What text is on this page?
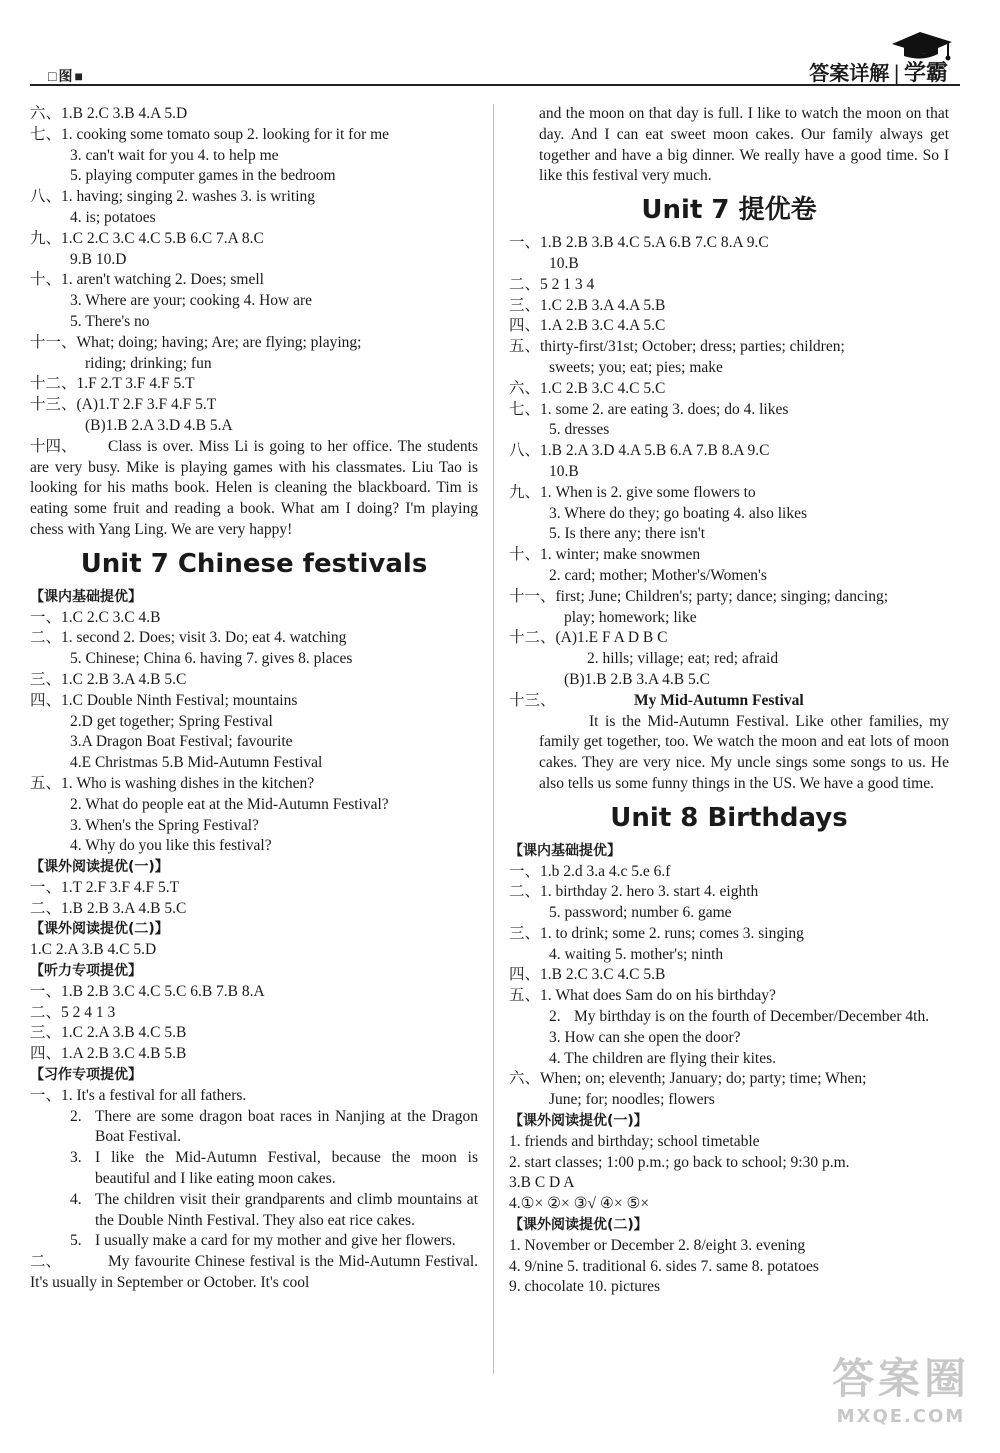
□图■	答案详解 | 学霸
六、1.B 2.C 3.B 4.A 5.D
七、1. cooking some tomato soup 2. looking for it for me
3. can't wait for you 4. to help me
5. playing computer games in the bedroom
八、1. having; singing 2. washes 3. is writing
4. is; potatoes
九、1.C 2.C 3.C 4.C 5.B 6.C 7.A 8.C
9.B 10.D
十、1. aren't watching 2. Does; smell
3. Where are your; cooking 4. How are
5. There's no
十一、What; doing; having; Are; are flying; playing;
riding; drinking; fun
十二、1.F 2.T 3.F 4.F 5.T
十三、(A)1.T 2.F 3.F 4.F 5.T
(B)1.B 2.A 3.D 4.B 5.A
十四、 Class is over. Miss Li is going to her office. The students are very busy. Mike is playing games with his classmates. Liu Tao is looking for his maths book. Helen is cleaning the blackboard. Tim is eating some fruit and reading a book. What am I doing? I'm playing chess with Yang Ling. We are very happy!
Unit 7 Chinese festivals
【课内基础提优】
一、1.C 2.C 3.C 4.B
二、1. second 2. Does; visit 3. Do; eat 4. watching
5. Chinese; China 6. having 7. gives 8. places
三、1.C 2.B 3.A 4.B 5.C
四、1.C Double Ninth Festival; mountains
2.D get together; Spring Festival
3.A Dragon Boat Festival; favourite
4.E Christmas 5.B Mid-Autumn Festival
五、1. Who is washing dishes in the kitchen?
2. What do people eat at the Mid-Autumn Festival?
3. When's the Spring Festival?
4. Why do you like this festival?
【课外阅读提优(一)】
一、1.T 2.F 3.F 4.F 5.T
二、1.B 2.B 3.A 4.B 5.C
【课外阅读提优(二)】
1.C 2.A 3.B 4.C 5.D
【听力专项提优】
一、1.B 2.B 3.C 4.C 5.C 6.B 7.B 8.A
二、5 2 4 1 3
三、1.C 2.A 3.B 4.C 5.B
四、1.A 2.B 3.C 4.B 5.B
【习作专项提优】
一、1. It's a festival for all fathers.
2. There are some dragon boat races in Nanjing at the Dragon Boat Festival.
3. I like the Mid-Autumn Festival, because the moon is beautiful and I like eating moon cakes.
4. The children visit their grandparents and climb mountains at the Double Ninth Festival. They also eat rice cakes.
5. I usually make a card for my mother and give her flowers.
二、	My favourite Chinese festival is the Mid-Autumn Festival. It's usually in September or October. It's cool
and the moon on that day is full. I like to watch the moon on that day. And I can eat sweet moon cakes. Our family always get together and have a big dinner. We really have a good time. So I like this festival very much.
Unit 7 提优卷
一、1.B 2.B 3.B 4.C 5.A 6.B 7.C 8.A 9.C
10.B
二、5 2 1 3 4
三、1.C 2.B 3.A 4.A 5.B
四、1.A 2.B 3.C 4.A 5.C
五、thirty-first/31st; October; dress; parties; children;
sweets; you; eat; pies; make
六、1.C 2.B 3.C 4.C 5.C
七、1. some 2. are eating 3. does; do 4. likes
5. dresses
八、1.B 2.A 3.D 4.A 5.B 6.A 7.B 8.A 9.C
10.B
九、1. When is 2. give some flowers to
3. Where do they; go boating 4. also likes
5. Is there any; there isn't
十、1. winter; make snowmen
2. card; mother; Mother's/Women's
十一、first; June; Children's; party; dance; singing; dancing;
play; homework; like
十二、(A)1.E F A D B C
2. hills; village; eat; red; afraid
(B)1.B 2.B 3.A 4.B 5.C
十三、	My Mid-Autumn Festival
It is the Mid-Autumn Festival. Like other families, my family get together, too. We watch the moon and eat lots of moon cakes. They are very nice. My uncle sings some songs to us. He also tells us some funny things in the US. We have a good time.
Unit 8 Birthdays
【课内基础提优】
一、1.b 2.d 3.a 4.c 5.e 6.f
二、1. birthday 2. hero 3. start 4. eighth
5. password; number 6. game
三、1. to drink; some 2. runs; comes 3. singing
4. waiting 5. mother's; ninth
四、1.B 2.C 3.C 4.C 5.B
五、1. What does Sam do on his birthday?
2. My birthday is on the fourth of December/December 4th.
3. How can she open the door?
4. The children are flying their kites.
六、When; on; eleventh; January; do; party; time; When;
June; for; noodles; flowers
【课外阅读提优(一)】
1. friends and birthday; school timetable
2. start classes; 1:00 p.m.; go back to school; 9:30 p.m.
3.B C D A
4.①× ②× ③√ ④× ⑤×
【课外阅读提优(二)】
1. November or December 2. 8/eight 3. evening
4. 9/nine 5. traditional 6. sides 7. same 8. potatoes
9. chocolate 10. pictures
答案圈
MXQE.COM
